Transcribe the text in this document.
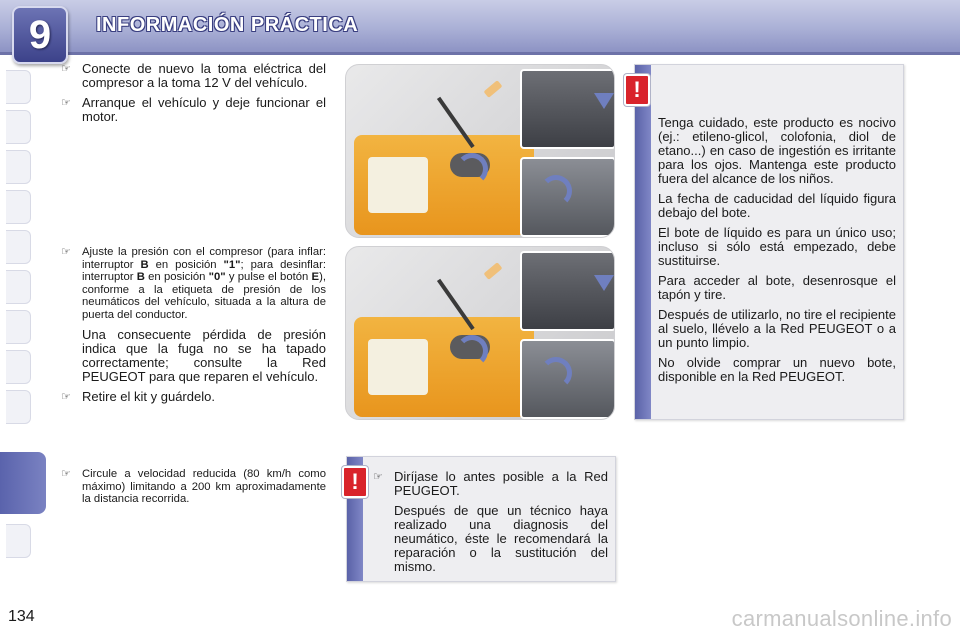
9 INFORMACIÓN PRÁCTICA
☞ Conecte de nuevo la toma eléctrica del compresor a la toma 12 V del vehículo.
☞ Arranque el vehículo y deje funcionar el motor.
☞ Ajuste la presión con el compresor (para inflar: interruptor B en posición "1"; para desinflar: interruptor B en posición "0" y pulse el botón E), conforme a la etiqueta de presión de los neumáticos del vehículo, situada a la altura de puerta del conductor.
Una consecuente pérdida de presión indica que la fuga no se ha tapado correctamente; consulte la Red PEUGEOT para que reparen el vehículo.
☞ Retire el kit y guárdelo.
☞ Circule a velocidad reducida (80 km/h como máximo) limitando a 200 km aproximadamente la distancia recorrida.
!

Tenga cuidado, este producto es nocivo (ej.: etileno-glicol, colofonia, diol de etano...) en caso de ingestión es irritante para los ojos. Mantenga este producto fuera del alcance de los niños.

La fecha de caducidad del líquido figura debajo del bote.

El bote de líquido es para un único uso; incluso si sólo está empezado, debe sustituirse.

Para acceder al bote, desenrosque el tapón y tire.

Después de utilizarlo, no tire el recipiente al suelo, llévelo a la Red PEUGEOT o a un punto limpio.

No olvide comprar un nuevo bote, disponible en la Red PEUGEOT.

!	☞ Diríjase lo antes posible a la Red PEUGEOT.
Después de que un técnico haya realizado una diagnosis del neumático, éste le recomendará la reparación o la sustitución del mismo.
134	carmanualsonline.info
